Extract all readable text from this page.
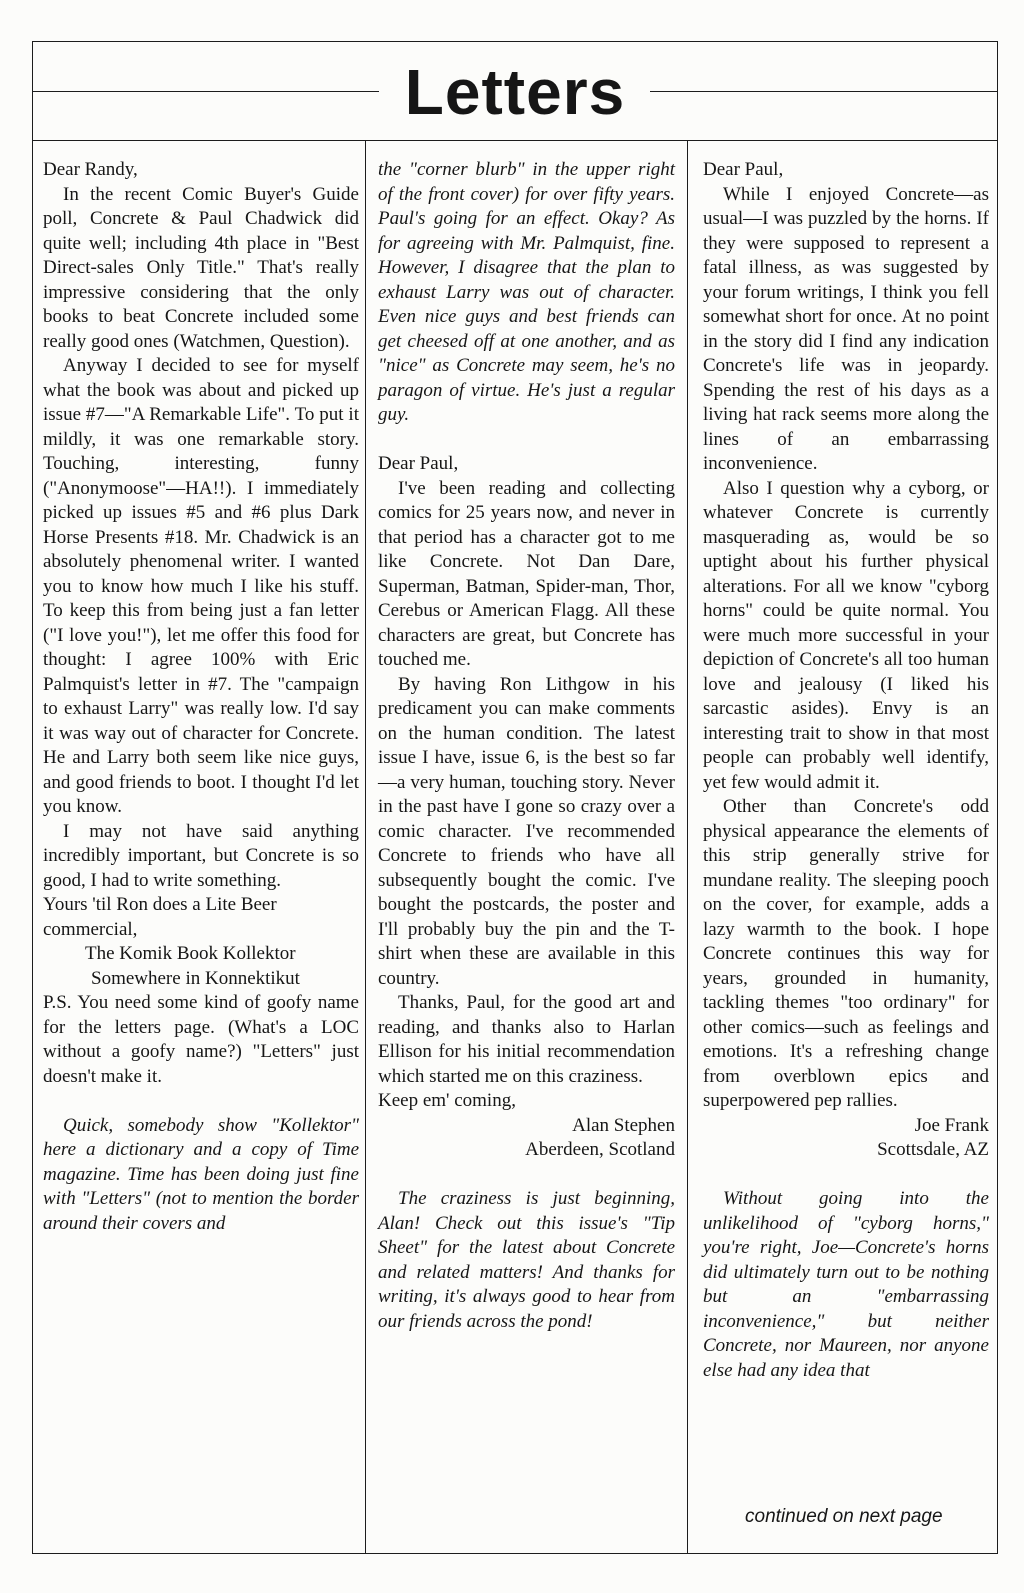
Letters

Dear Randy,

In the recent Comic Buyer's Guide poll, Concrete & Paul Chadwick did quite well; including 4th place in "Best Direct-sales Only Title." That's really impressive considering that the only books to beat Concrete included some really good ones (Watchmen, Question).

Anyway I decided to see for myself what the book was about and picked up issue #7—"A Remarkable Life". To put it mildly, it was one remarkable story. Touching, interesting, funny ("Anonymoose"—HA!!). I immediately picked up issues #5 and #6 plus Dark Horse Presents #18. Mr. Chadwick is an absolutely phenomenal writer. I wanted you to know how much I like his stuff. To keep this from being just a fan letter ("I love you!"), let me offer this food for thought: I agree 100% with Eric Palmquist's letter in #7. The "campaign to exhaust Larry" was really low. I'd say it was way out of character for Concrete. He and Larry both seem like nice guys, and good friends to boot. I thought I'd let you know.

I may not have said anything incredibly important, but Concrete is so good, I had to write something.

Yours 'til Ron does a Lite Beer commercial,

The Komik Book Kollektor

Somewhere in Konnektikut

P.S. You need some kind of goofy name for the letters page. (What's a LOC without a goofy name?) "Letters" just doesn't make it.

Quick, somebody show "Kollektor" here a dictionary and a copy of Time magazine. Time has been doing just fine with "Letters" (not to mention the border around their covers and

the "corner blurb" in the upper right of the front cover) for over fifty years. Paul's going for an effect. Okay? As for agreeing with Mr. Palmquist, fine. However, I disagree that the plan to exhaust Larry was out of character. Even nice guys and best friends can get cheesed off at one another, and as "nice" as Concrete may seem, he's no paragon of virtue. He's just a regular guy.

Dear Paul,

I've been reading and collecting comics for 25 years now, and never in that period has a character got to me like Concrete. Not Dan Dare, Superman, Batman, Spider-man, Thor, Cerebus or American Flagg. All these characters are great, but Concrete has touched me.

By having Ron Lithgow in his predicament you can make comments on the human condition. The latest issue I have, issue 6, is the best so far—a very human, touching story. Never in the past have I gone so crazy over a comic character. I've recommended Concrete to friends who have all subsequently bought the comic. I've bought the postcards, the poster and I'll probably buy the pin and the T-shirt when these are available in this country.

Thanks, Paul, for the good art and reading, and thanks also to Harlan Ellison for his initial recommendation which started me on this craziness.

Keep em' coming,

Alan Stephen

Aberdeen, Scotland

The craziness is just beginning, Alan! Check out this issue's "Tip Sheet" for the latest about Concrete and related matters! And thanks for writing, it's always good to hear from our friends across the pond!

Dear Paul,

While I enjoyed Concrete—as usual—I was puzzled by the horns. If they were supposed to represent a fatal illness, as was suggested by your forum writings, I think you fell somewhat short for once. At no point in the story did I find any indication Concrete's life was in jeopardy. Spending the rest of his days as a living hat rack seems more along the lines of an embarrassing inconvenience.

Also I question why a cyborg, or whatever Concrete is currently masquerading as, would be so uptight about his further physical alterations. For all we know "cyborg horns" could be quite normal. You were much more successful in your depiction of Concrete's all too human love and jealousy (I liked his sarcastic asides). Envy is an interesting trait to show in that most people can probably well identify, yet few would admit it.

Other than Concrete's odd physical appearance the elements of this strip generally strive for mundane reality. The sleeping pooch on the cover, for example, adds a lazy warmth to the book. I hope Concrete continues this way for years, grounded in humanity, tackling themes "too ordinary" for other comics—such as feelings and emotions. It's a refreshing change from overblown epics and superpowered pep rallies.

Joe Frank

Scottsdale, AZ

Without going into the unlikelihood of "cyborg horns," you're right, Joe—Concrete's horns did ultimately turn out to be nothing but an "embarrassing inconvenience," but neither Concrete, nor Maureen, nor anyone else had any idea that

continued on next page
